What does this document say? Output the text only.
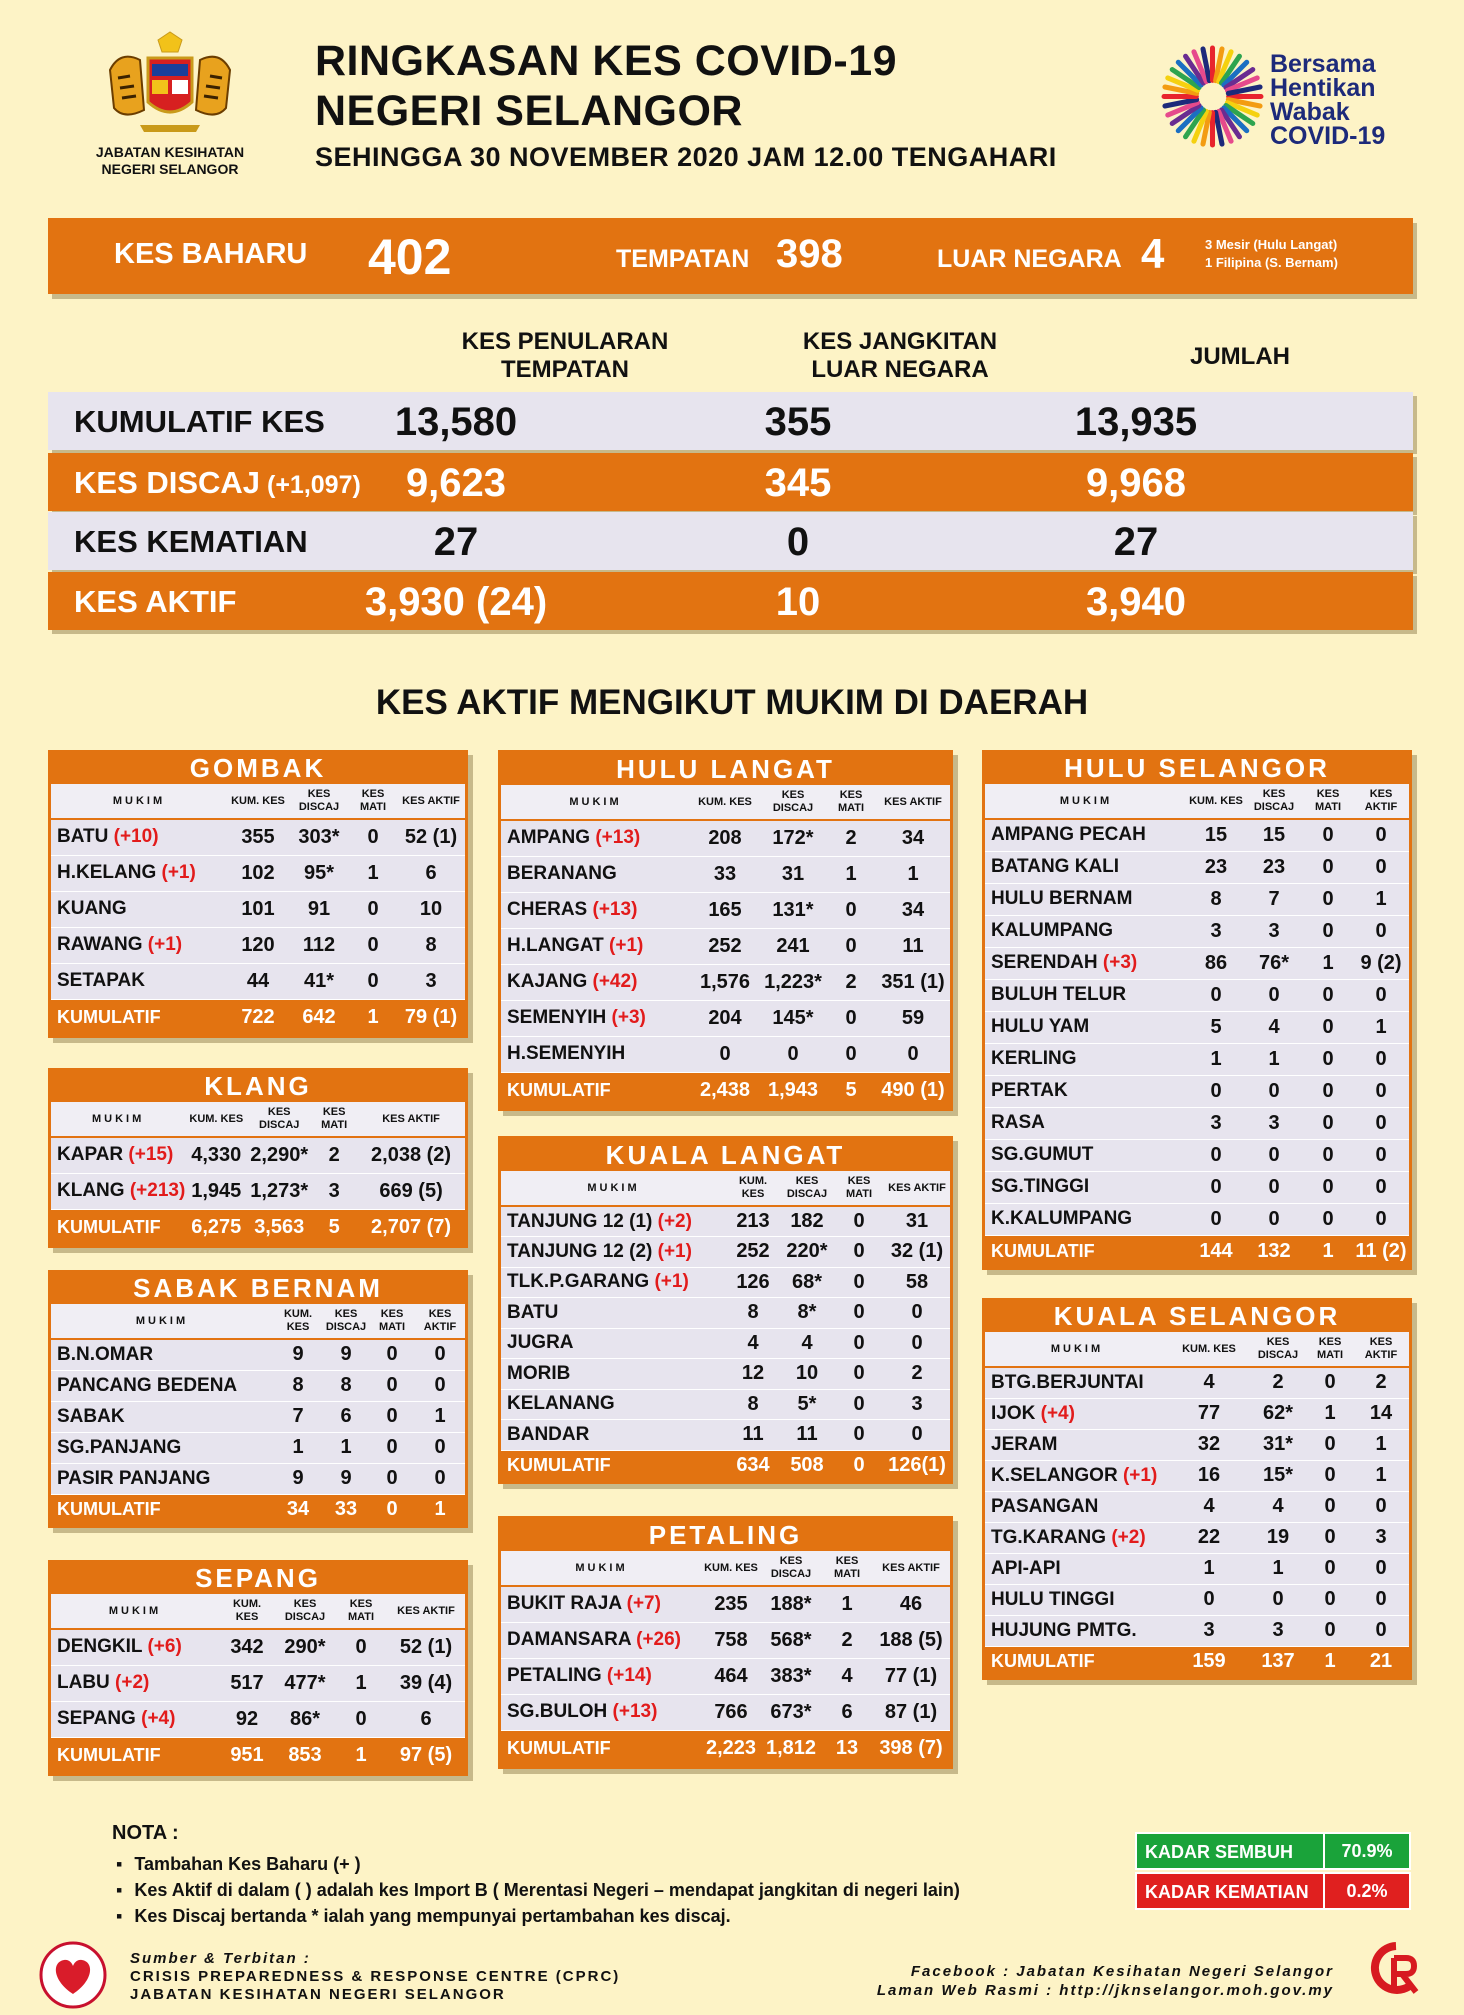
JABATAN KESIHATAN
NEGERI SELANGOR
RINGKASAN KES COVID-19
NEGERI SELANGOR
SEHINGGA 30 NOVEMBER 2020 JAM 12.00 TENGAHARI
Bersama
Hentikan
Wabak
COVID-19
KES BAHARU 402	TEMPATAN 398	LUAR NEGARA 4	3 Mesir (Hulu Langat)
1 Filipina (S. Bernam)
KES PENULARAN TEMPATAN
KES JANGKITAN LUAR NEGARA	JUMLAH
KUMULATIF KES	13,580	355	13,935
KES DISCAJ (+1,097)	9,623	345	9,968
KES KEMATIAN	27	0	27
KES AKTIF	3,930 (24)	10	3,940
KES AKTIF MENGIKUT MUKIM DI DAERAH
GOMBAK
MUKIM	KUM. KES	KES DISCAJ	KES MATI	KES AKTIF
BATU (+10)	355	303*	0	52 (1)
H.KELANG (+1)	102	95*	1	6
KUANG	101	91	0	10
RAWANG (+1)	120	112	0	8
SETAPAK	44	41*	0	3
KUMULATIF	722	642	1	79 (1)
KLANG
MUKIM	KUM. KES	KES DISCAJ	KES MATI	KES AKTIF
KAPAR (+15)	4,330	2,290*	2	2,038 (2)
KLANG (+213)	1,945	1,273*	3	669 (5)
KUMULATIF	6,275	3,563	5	2,707 (7)
SABAK BERNAM
MUKIM	KUM. KES	KES DISCAJ	KES MATI	KES AKTIF
B.N.OMAR	9	9	0	0
PANCANG BEDENA	8	8	0	0
SABAK	7	6	0	1
SG.PANJANG	1	1	0	0
PASIR PANJANG	9	9	0	0
KUMULATIF	34	33	0	1
SEPANG
MUKIM	KUM. KES	KES DISCAJ	KES MATI	KES AKTIF
DENGKIL (+6)	342	290*	0	52 (1)
LABU (+2)	517	477*	1	39 (4)
SEPANG (+4)	92	86*	0	6
KUMULATIF	951	853	1	97 (5)
HULU LANGAT
MUKIM	KUM. KES	KES DISCAJ	KES MATI	KES AKTIF
AMPANG (+13)	208	172*	2	34
BERANANG	33	31	1	1
CHERAS (+13)	165	131*	0	34
H.LANGAT (+1)	252	241	0	11
KAJANG (+42)	1,576	1,223*	2	351 (1)
SEMENYIH (+3)	204	145*	0	59
H.SEMENYIH	0	0	0	0
KUMULATIF	2,438	1,943	5	490 (1)
KUALA LANGAT
MUKIM	KUM. KES	KES DISCAJ	KES MATI	KES AKTIF
TANJUNG 12 (1) (+2)	213	182	0	31
TANJUNG 12 (2) (+1)	252	220*	0	32 (1)
TLK.P.GARANG (+1)	126	68*	0	58
BATU	8	8*	0	0
JUGRA	4	4	0	0
MORIB	12	10	0	2
KELANANG	8	5*	0	3
BANDAR	11	11	0	0
KUMULATIF	634	508	0	126(1)
PETALING
MUKIM	KUM. KES	KES DISCAJ	KES MATI	KES AKTIF
BUKIT RAJA (+7)	235	188*	1	46
DAMANSARA (+26)	758	568*	2	188 (5)
PETALING (+14)	464	383*	4	77 (1)
SG.BULOH (+13)	766	673*	6	87 (1)
KUMULATIF	2,223	1,812	13	398 (7)
HULU SELANGOR
MUKIM	KUM. KES	KES DISCAJ	KES MATI	KES AKTIF
AMPANG PECAH	15	15	0	0
BATANG KALI	23	23	0	0
HULU BERNAM	8	7	0	1
KALUMPANG	3	3	0	0
SERENDAH (+3)	86	76*	1	9 (2)
BULUH TELUR	0	0	0	0
HULU YAM	5	4	0	1
KERLING	1	1	0	0
PERTAK	0	0	0	0
RASA	3	3	0	0
SG.GUMUT	0	0	0	0
SG.TINGGI	0	0	0	0
K.KALUMPANG	0	0	0	0
KUMULATIF	144	132	1	11 (2)
KUALA SELANGOR
MUKIM	KUM. KES	KES DISCAJ	KES MATI	KES AKTIF
BTG.BERJUNTAI	4	2	0	2
IJOK (+4)	77	62*	1	14
JERAM	32	31*	0	1
K.SELANGOR (+1)	16	15*	0	1
PASANGAN	4	4	0	0
TG.KARANG (+2)	22	19	0	3
API-API	1	1	0	0
HULU TINGGI	0	0	0	0
HUJUNG PMTG.	3	3	0	0
KUMULATIF	159	137	1	21
NOTA :
▪ Tambahan Kes Baharu (+ )
▪ Kes Aktif di dalam ( ) adalah kes Import B ( Merentasi Negeri – mendapat jangkitan di negeri lain)
▪ Kes Discaj bertanda * ialah yang mempunyai pertambahan kes discaj.
KADAR SEMBUH	70.9%
KADAR KEMATIAN	0.2%
Sumber & Terbitan :
CRISIS PREPAREDNESS & RESPONSE CENTRE (CPRC)
JABATAN KESIHATAN NEGERI SELANGOR
Facebook : Jabatan Kesihatan Negeri Selangor
Laman Web Rasmi : http://jknselangor.moh.gov.my
